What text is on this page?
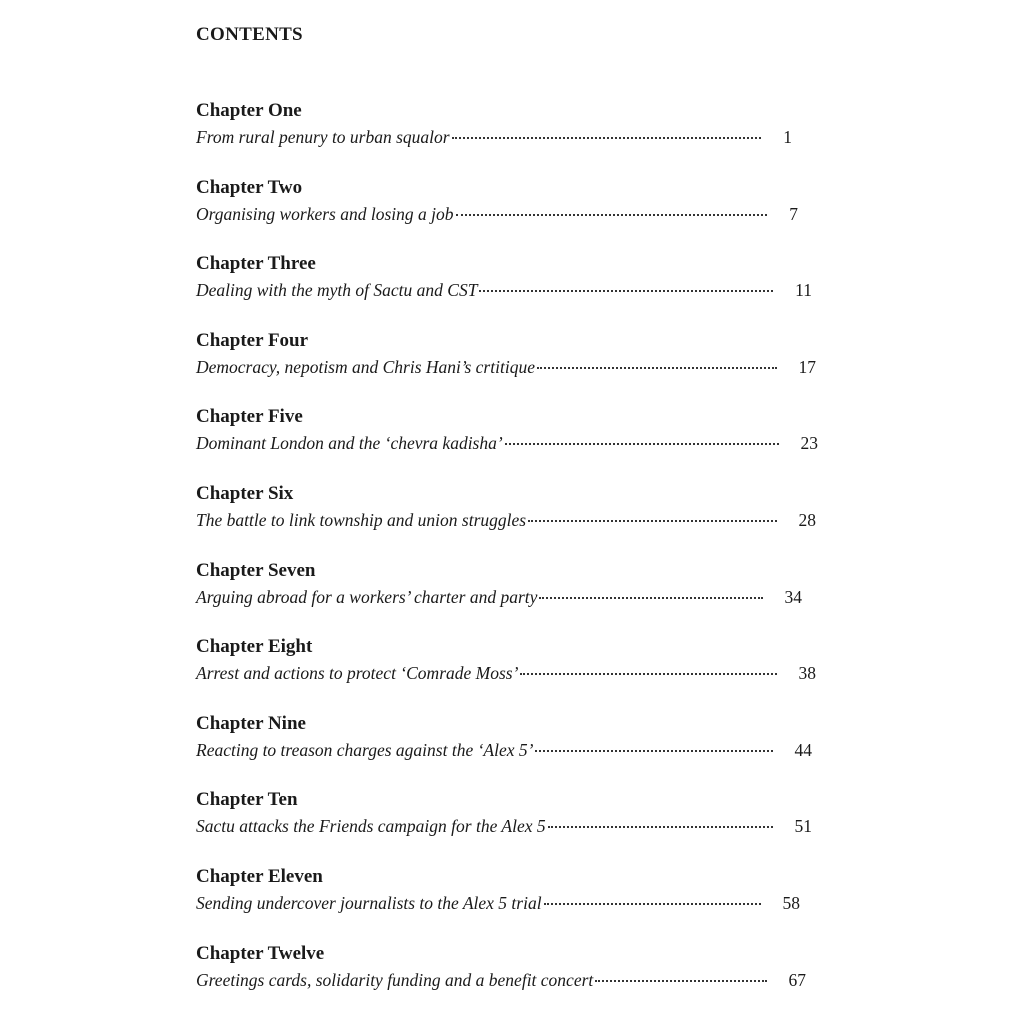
CONTENTS
Chapter One
From rural penury to urban squalor	1
Chapter Two
Organising workers and losing a job	7
Chapter Three
Dealing with the myth of Sactu and CST	11
Chapter Four
Democracy, nepotism and Chris Hani’s crtitique	17
Chapter Five
Dominant London and the ‘chevra kadisha’	23
Chapter Six
The battle to link township and union struggles	28
Chapter Seven
Arguing abroad for a workers’ charter and party	34
Chapter Eight
Arrest and actions to protect ‘Comrade Moss’	38
Chapter Nine
Reacting to treason charges against the ‘Alex 5’	44
Chapter Ten
Sactu attacks the Friends campaign for the Alex 5	51
Chapter Eleven
Sending undercover journalists to the Alex 5 trial	58
Chapter Twelve
Greetings cards, solidarity funding and a benefit concert	67
